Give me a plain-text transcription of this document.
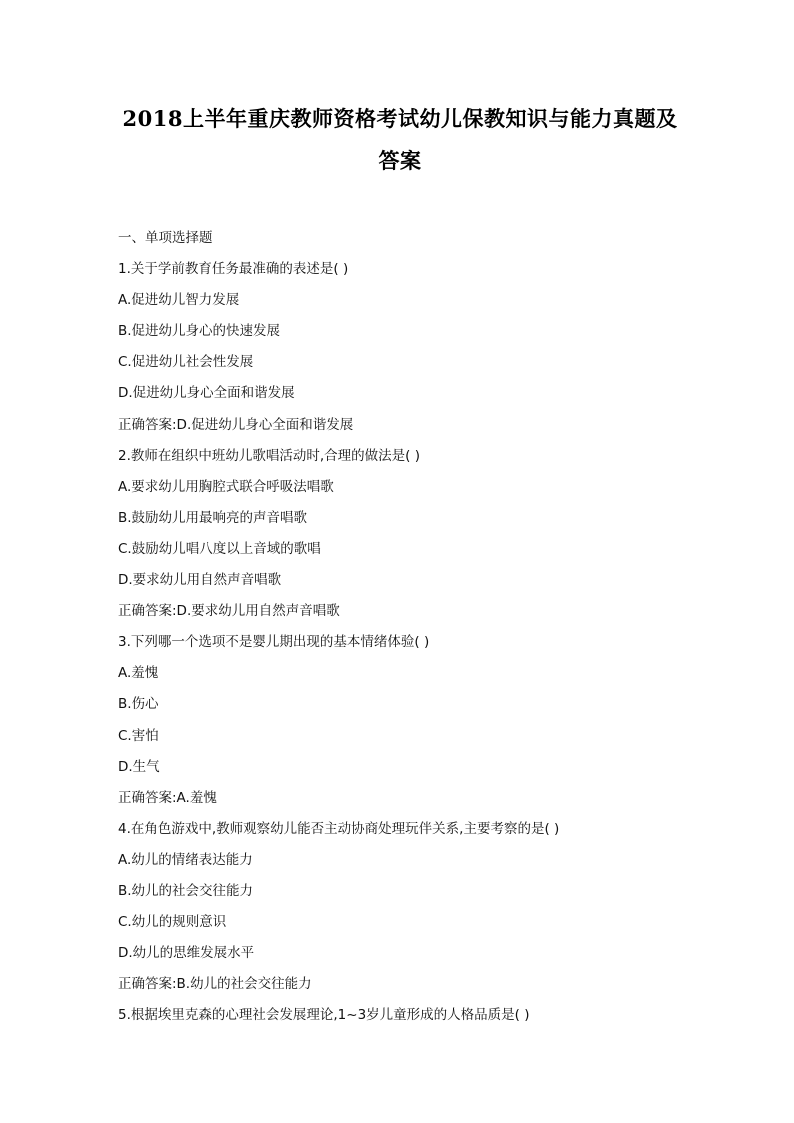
2018上半年重庆教师资格考试幼儿保教知识与能力真题及
答案
一、单项选择题
1.关于学前教育任务最准确的表述是( )
A.促进幼儿智力发展
B.促进幼儿身心的快速发展
C.促进幼儿社会性发展
D.促进幼儿身心全面和谐发展
正确答案:D.促进幼儿身心全面和谐发展
2.教师在组织中班幼儿歌唱活动时,合理的做法是( )
A.要求幼儿用胸腔式联合呼吸法唱歌
B.鼓励幼儿用最响亮的声音唱歌
C.鼓励幼儿唱八度以上音域的歌唱
D.要求幼儿用自然声音唱歌
正确答案:D.要求幼儿用自然声音唱歌
3.下列哪一个选项不是婴儿期出现的基本情绪体验( )
A.羞愧
B.伤心
C.害怕
D.生气
正确答案:A.羞愧
4.在角色游戏中,教师观察幼儿能否主动协商处理玩伴关系,主要考察的是( )
A.幼儿的情绪表达能力
B.幼儿的社会交往能力
C.幼儿的规则意识
D.幼儿的思维发展水平
正确答案:B.幼儿的社会交往能力
5.根据埃里克森的心理社会发展理论,1~3岁儿童形成的人格品质是( )
